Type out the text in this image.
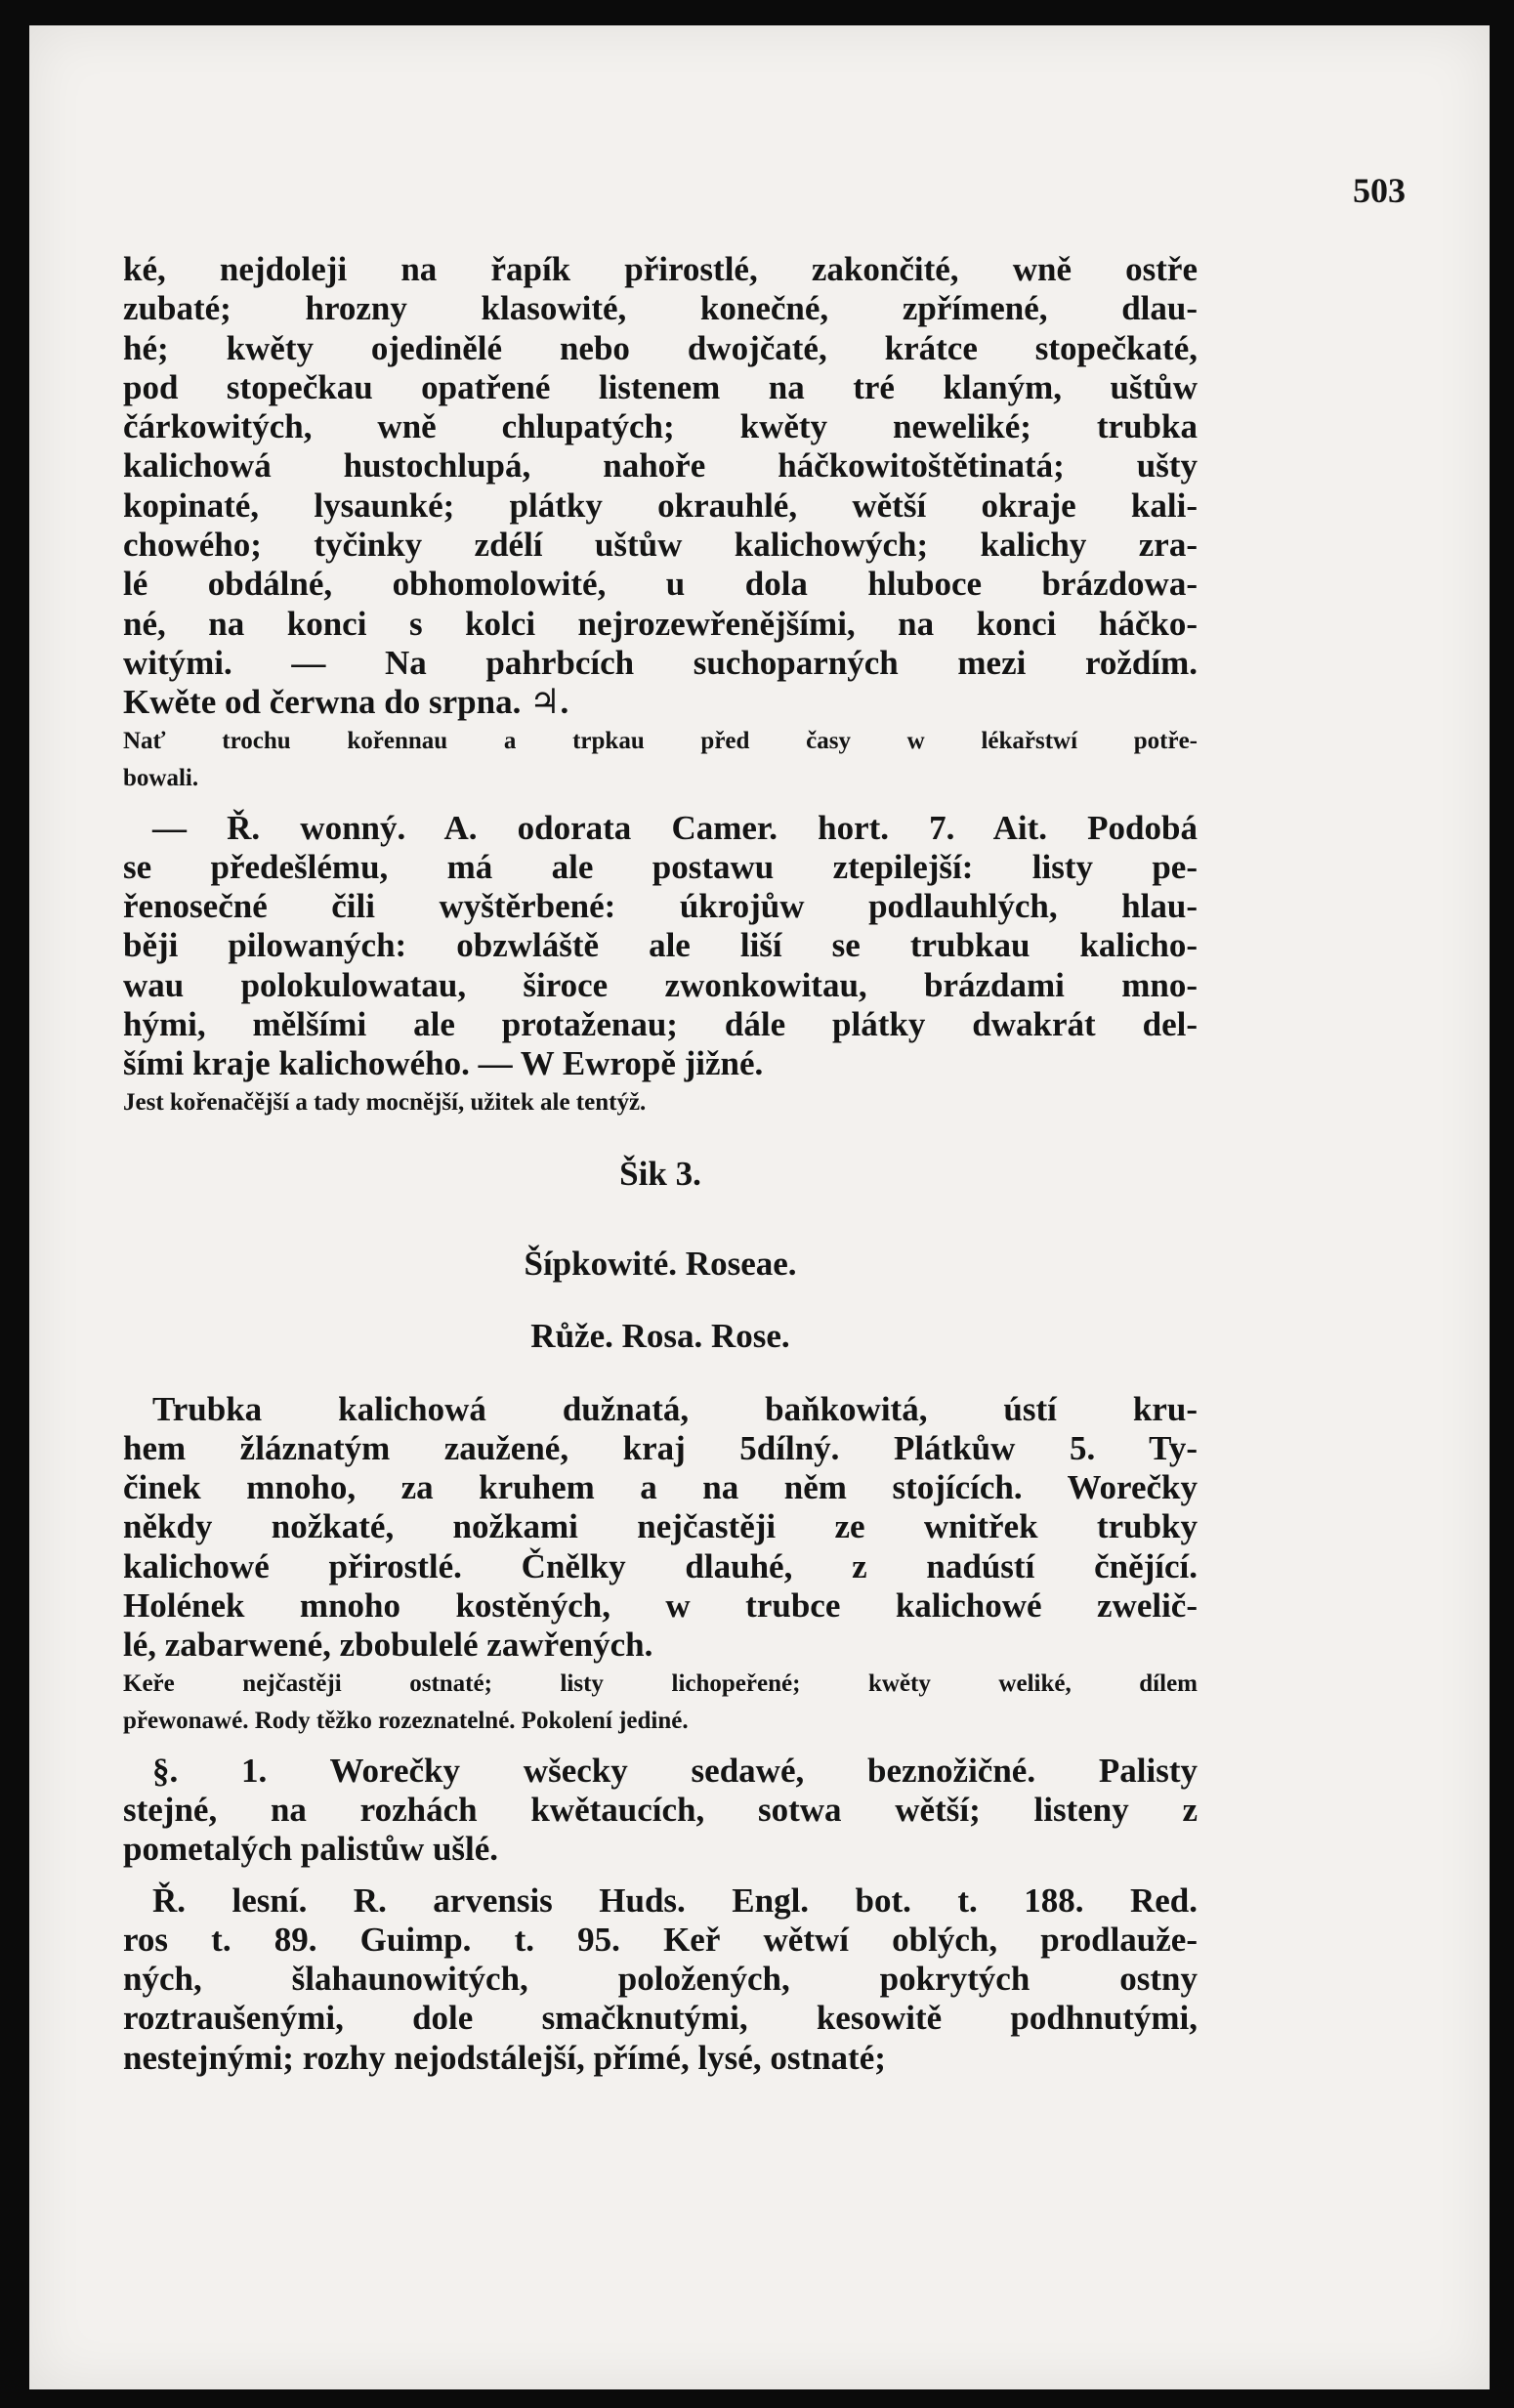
503
ké, nejdoleji na řapík přirostlé, zakončité, wně ostře
zubaté; hrozny klasowité, konečné, zpřímené, dlau-
hé; kwěty ojedinělé nebo dwojčaté, krátce stopečkaté,
pod stopečkau opatřené listenem na tré klaným, uštůw
čárkowitých, wně chlupatých; kwěty neweliké; trubka
kalichowá hustochlupá, nahoře háčkowitoštětinatá; ušty
kopinaté, lysaunké; plátky okrauhlé, wětší okraje kali-
chowého; tyčinky zdélí uštůw kalichowých; kalichy zra-
lé obdálné, obhomolowité, u dola hluboce brázdowa-
né, na konci s kolci nejrozewřenějšími, na konci háčko-
witými. — Na pahrbcích suchoparných mezi roždím.
Kwěte od čerwna do srpna. ♃.
Nať trochu kořennau a trpkau před časy w lékařstwí potře-
bowali.
— Ř. wonný. A. odorata Camer. hort. 7. Ait. Podobá
se předešlému, má ale postawu ztepilejší: listy pe-
řenosečné čili wyštěrbené: úkrojůw podlauhlých, hlau-
běji pilowaných: obzwláště ale liší se trubkau kalicho-
wau polokulowatau, široce zwonkowitau, brázdami mno-
hými, mělšími ale protaženau; dále plátky dwakrát del-
šími kraje kalichowého. — W Ewropě jižné.
Jest kořenačější a tady mocnější, užitek ale tentýž.
Šik 3.
Šípkowité. Roseae.
Růže. Rosa. Rose.
Trubka kalichowá dužnatá, baňkowitá, ústí kru-
hem žláznatým zaužené, kraj 5dílný. Plátkůw 5. Ty-
činek mnoho, za kruhem a na něm stojících. Worečky
někdy nožkaté, nožkami nejčastěji ze wnitřek trubky
kalichowé přirostlé. Čnělky dlauhé, z nadústí čnějící.
Holének mnoho kostěných, w trubce kalichowé zwelič-
lé, zabarwené, zbobulelé zawřených.
Keře nejčastěji ostnaté; listy lichopeřené; kwěty weliké, dílem
přewonawé. Rody těžko rozeznatelné. Pokolení jediné.
§. 1. Worečky wšecky sedawé, beznožičné. Palisty
stejné, na rozhách kwětaucích, sotwa wětší; listeny z
pometalých palistůw ušlé.
Ř. lesní. R. arvensis Huds. Engl. bot. t. 188. Red.
ros t. 89. Guimp. t. 95. Keř wětwí oblých, prodlauže-
ných, šlahaunowitých, položených, pokrytých ostny
roztraušenými, dole smačknutými, kesowitě podhnutými,
nestejnými; rozhy nejodstálejší, přímé, lysé, ostnaté;
